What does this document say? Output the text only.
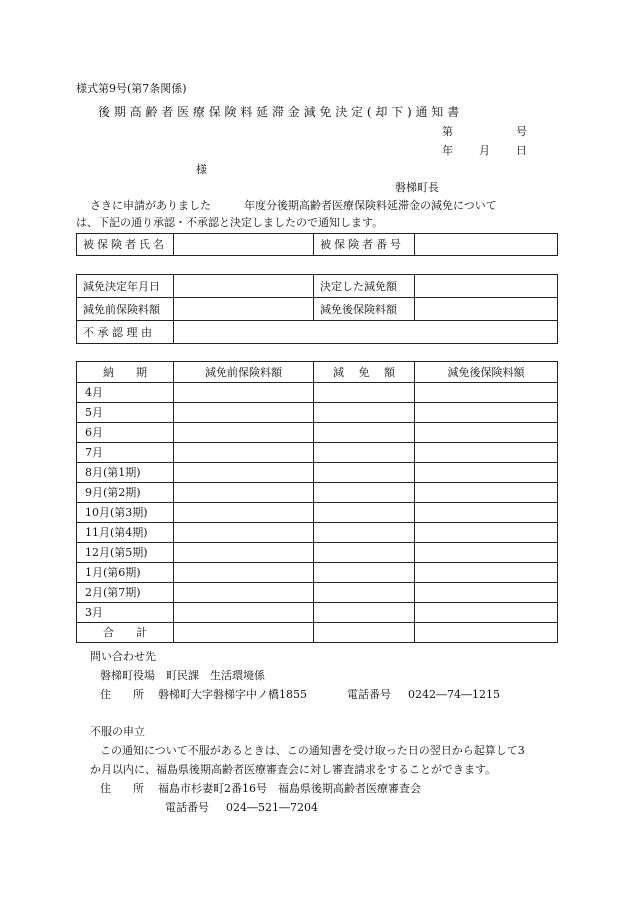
様式第9号(第7条関係)
後 期 高 齢 者 医 療 保 険 料 延 滞 金 減 免 決 定 ( 却 下 ) 通 知 書
第	号
年 月 日
様
磐梯町長
さきに申請がありました　　　年度分後期高齢者医療保険料延滞金の減免について
は、下記の通り承認・不承認と決定しましたので通知します。
被保険者氏名		被保険者番号	
減免決定年月日		決定した減免額	
減免前保険料額		減免後保険料額	
不 承 認 理 由			
納　　期	減免前保険料額	減　 免　 額	減免後保険料額
4月			
5月			
6月			
7月			
8月(第1期)			
9月(第2期)			
10月(第3期)			
11月(第4期)			
12月(第5期)			
1月(第6期)			
2月(第7期)			
3月			
合　　計			
問い合わせ先
磐梯町役場　町民課　生活環境係
住　　所 磐梯町大字磐梯字中ノ橋1855	電話番号 0242―74―1215
不服の申立
この通知について不服があるときは、この通知書を受け取った日の翌日から起算して3
か月以内に、福島県後期高齢者医療審査会に対し審査請求をすることができます。
住　　所 福島市杉妻町2番16号　福島県後期高齢者医療審査会
電話番号 024―521―7204
